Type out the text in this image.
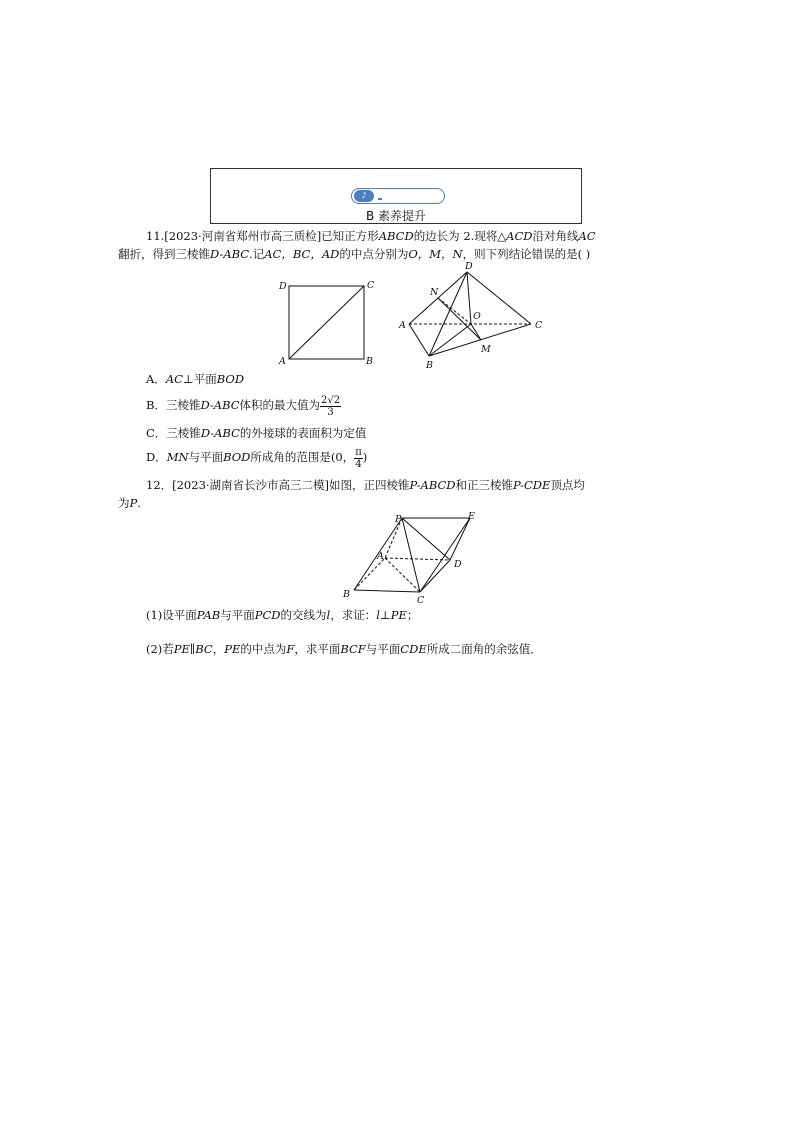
♪
B 素养提升
11.[2023·河南省郑州市高三质检]已知正方形ABCD的边长为 2.现将△ACD沿对角线AC
翻折，得到三棱锥D-ABC.记AC，BC，AD的中点分别为O，M，N，则下列结论错误的是( )
D	C
A	B
D
N
O
A	C
M
B
A．AC⊥平面BOD
B．三棱锥D-ABC体积的最大值为 $\frac{2√2}{3}$
C．三棱锥D-ABC的外接球的表面积为定值
D．MN与平面BOD所成角的范围是(0， $\frac{\pi}{4}$ )
12．[2023·湖南省长沙市高三二模]如图，正四棱锥P-ABCD和正三棱锥P-CDE顶点均
为P.
P	E
A
D
B
C
(1)设平面PAB与平面PCD的交线为l，求证：l⊥PE；
(2)若PE∥BC，PE的中点为F，求平面BCF与平面CDE所成二面角的余弦值．
